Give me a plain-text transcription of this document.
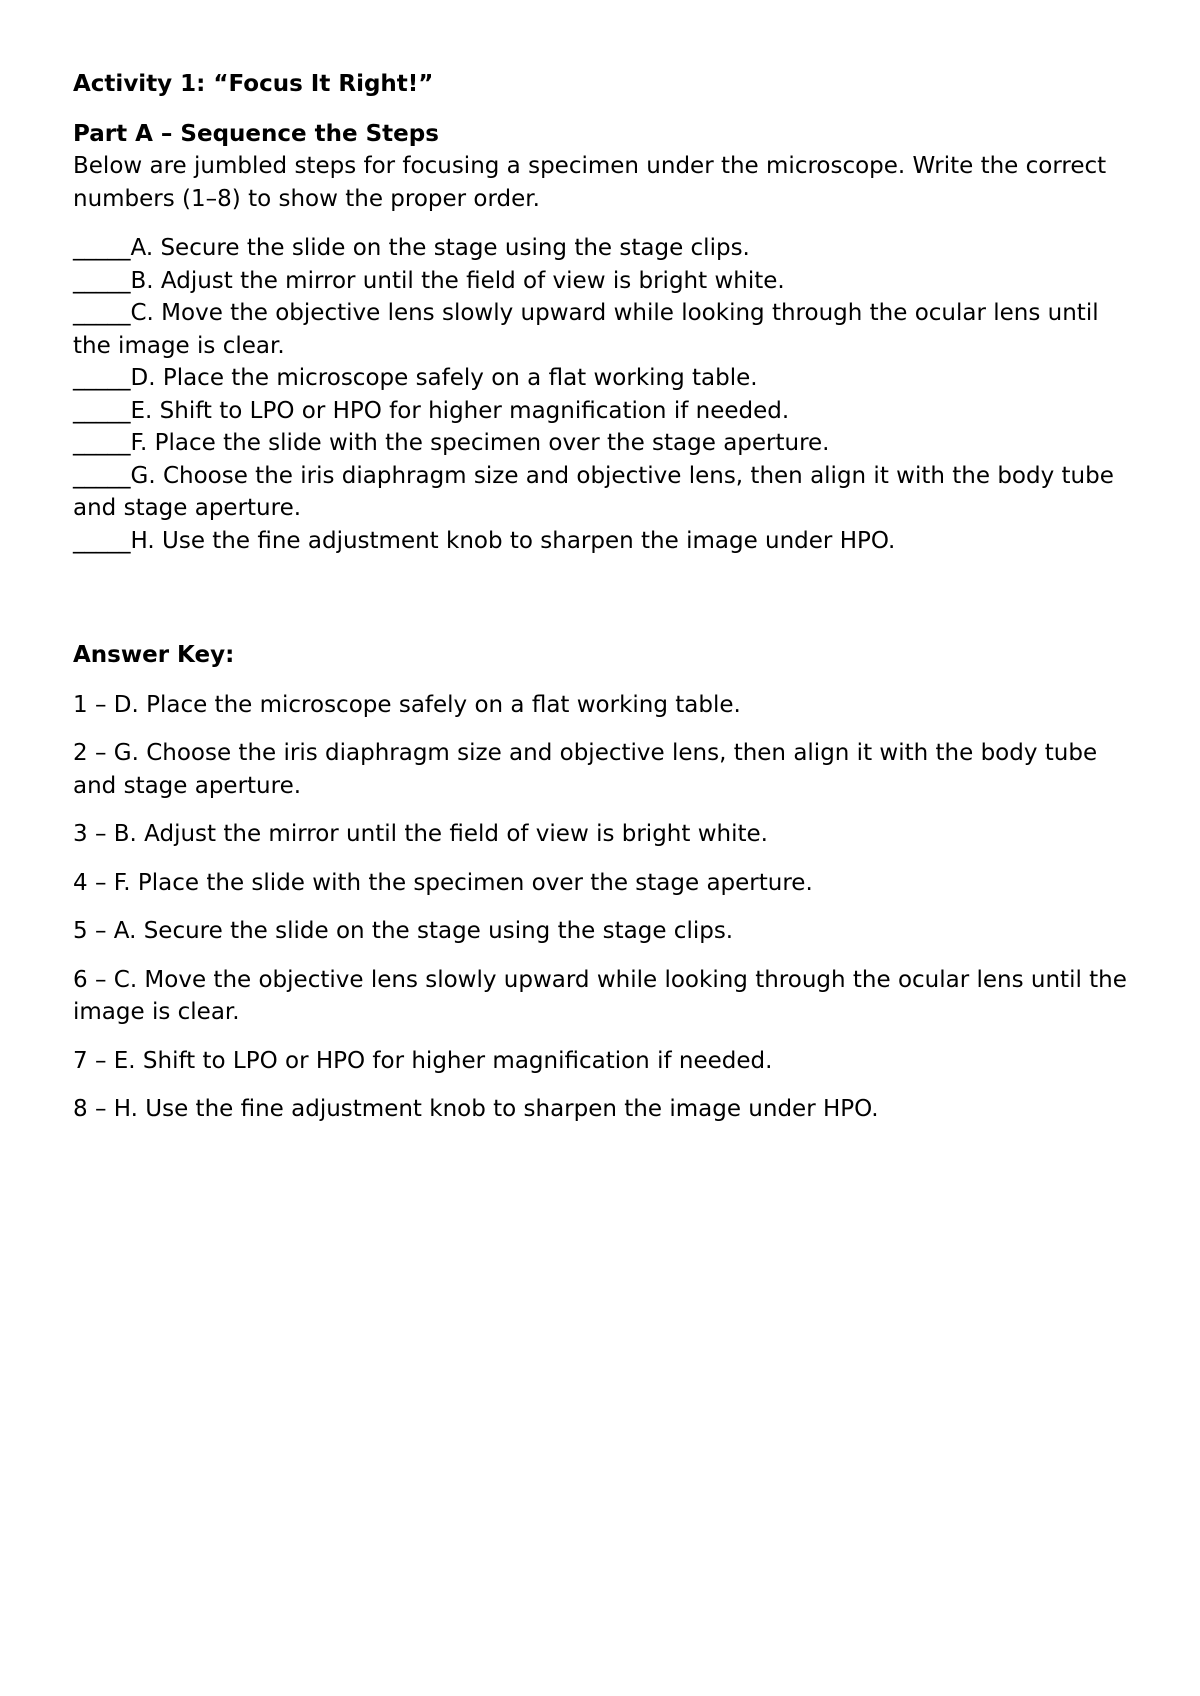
Activity 1: “Focus It Right!”

Part A – Sequence the Steps

Below are jumbled steps for focusing a specimen under the microscope. Write the correct numbers (1–8) to show the proper order.

_____A. Secure the slide on the stage using the stage clips.

_____B. Adjust the mirror until the field of view is bright white.

_____C. Move the objective lens slowly upward while looking through the ocular lens until the image is clear.

_____D. Place the microscope safely on a flat working table.

_____E. Shift to LPO or HPO for higher magnification if needed.

_____F. Place the slide with the specimen over the stage aperture.

_____G. Choose the iris diaphragm size and objective lens, then align it with the body tube and stage aperture.

_____H. Use the fine adjustment knob to sharpen the image under HPO.

Answer Key:

1 – D. Place the microscope safely on a flat working table.

2 – G. Choose the iris diaphragm size and objective lens, then align it with the body tube and stage aperture.

3 – B. Adjust the mirror until the field of view is bright white.

4 – F. Place the slide with the specimen over the stage aperture.

5 – A. Secure the slide on the stage using the stage clips.

6 – C. Move the objective lens slowly upward while looking through the ocular lens until the image is clear.

7 – E. Shift to LPO or HPO for higher magnification if needed.

8 – H. Use the fine adjustment knob to sharpen the image under HPO.
